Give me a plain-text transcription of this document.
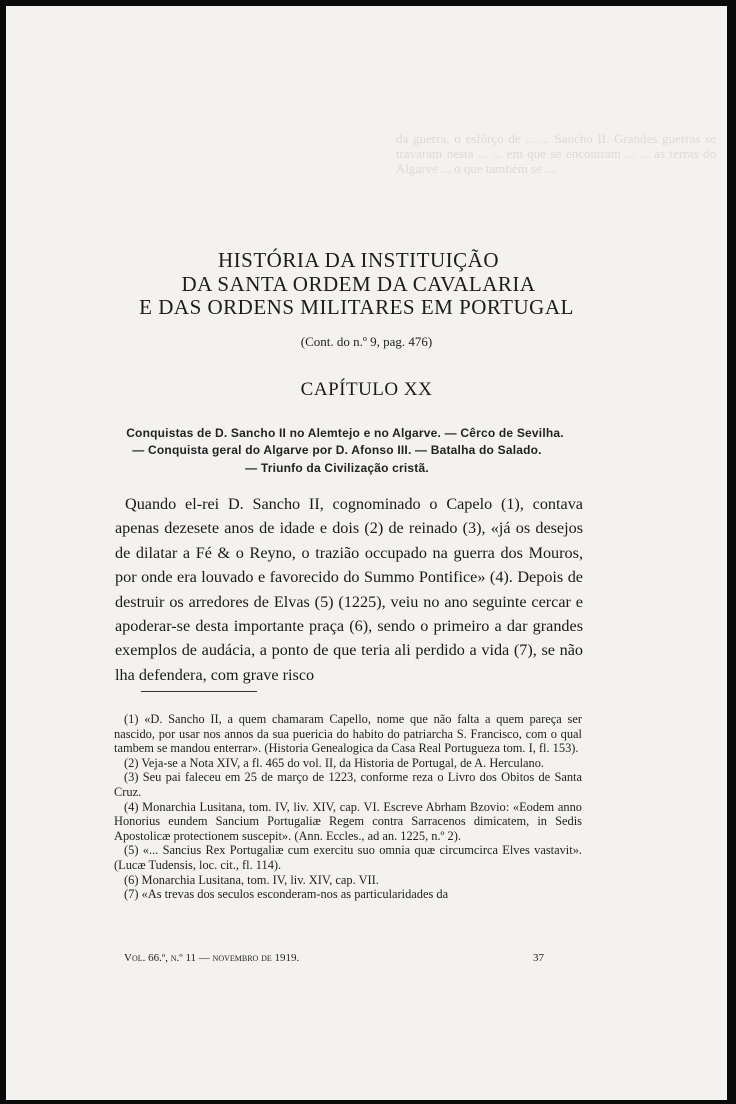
da guerra, o esfôrço de ... ... Sancho II. Grandes guerras se travaram nesta ... ... em que se encontram ... ... as terras do Algarve ... o que também se ...
HISTÓRIA DA INSTITUIÇÃO
DA SANTA ORDEM DA CAVALARIA
E DAS ORDENS MILITARES EM PORTUGAL
(Cont. do n.º 9, pag. 476)
CAPÍTULO XX
Conquistas de D. Sancho II no Alemtejo e no Algarve. — Cêrco de Sevilha.
— Conquista geral do Algarve por D. Afonso III. — Batalha do Salado.
— Triunfo da Civilização cristã.

Quando el-rei D. Sancho II, cognominado o Capelo (1), contava apenas dezesete anos de idade e dois (2) de reinado (3), «já os desejos de dilatar a Fé & o Reyno, o trazião occupado na guerra dos Mouros, por onde era louvado e favorecido do Summo Pontifice» (4). Depois de destruir os arredores de Elvas (5) (1225), veiu no ano seguinte cercar e apoderar-se desta importante praça (6), sendo o primeiro a dar grandes exemplos de audácia, a ponto de que teria ali perdido a vida (7), se não lha defendera, com grave risco

(1) «D. Sancho II, a quem chamaram Capello, nome que não falta a quem pareça ser nascido, por usar nos annos da sua puericia do habito do patriarcha S. Francisco, com o qual tambem se mandou enterrar». (Historia Genealogica da Casa Real Portugueza tom. I, fl. 153).

(2) Veja-se a Nota XIV, a fl. 465 do vol. II, da Historia de Portugal, de A. Herculano.

(3) Seu pai faleceu em 25 de março de 1223, conforme reza o Livro dos Obitos de Santa Cruz.

(4) Monarchia Lusitana, tom. IV, liv. XIV, cap. VI. Escreve Abrham Bzovio: «Eodem anno Honorius eundem Sancium Portugaliæ Regem contra Sarracenos dimicatem, in Sedis Apostolicæ protectionem suscepit». (Ann. Eccles., ad an. 1225, n.º 2).

(5) «... Sancius Rex Portugaliæ cum exercitu suo omnia quæ circumcirca Elves vastavit». (Lucæ Tudensis, loc. cit., fl. 114).

(6) Monarchia Lusitana, tom. IV, liv. XIV, cap. VII.

(7) «As trevas dos seculos esconderam-nos as particularidades da

Vol. 66.º, n.º 11 — novembro de 1919.	37
